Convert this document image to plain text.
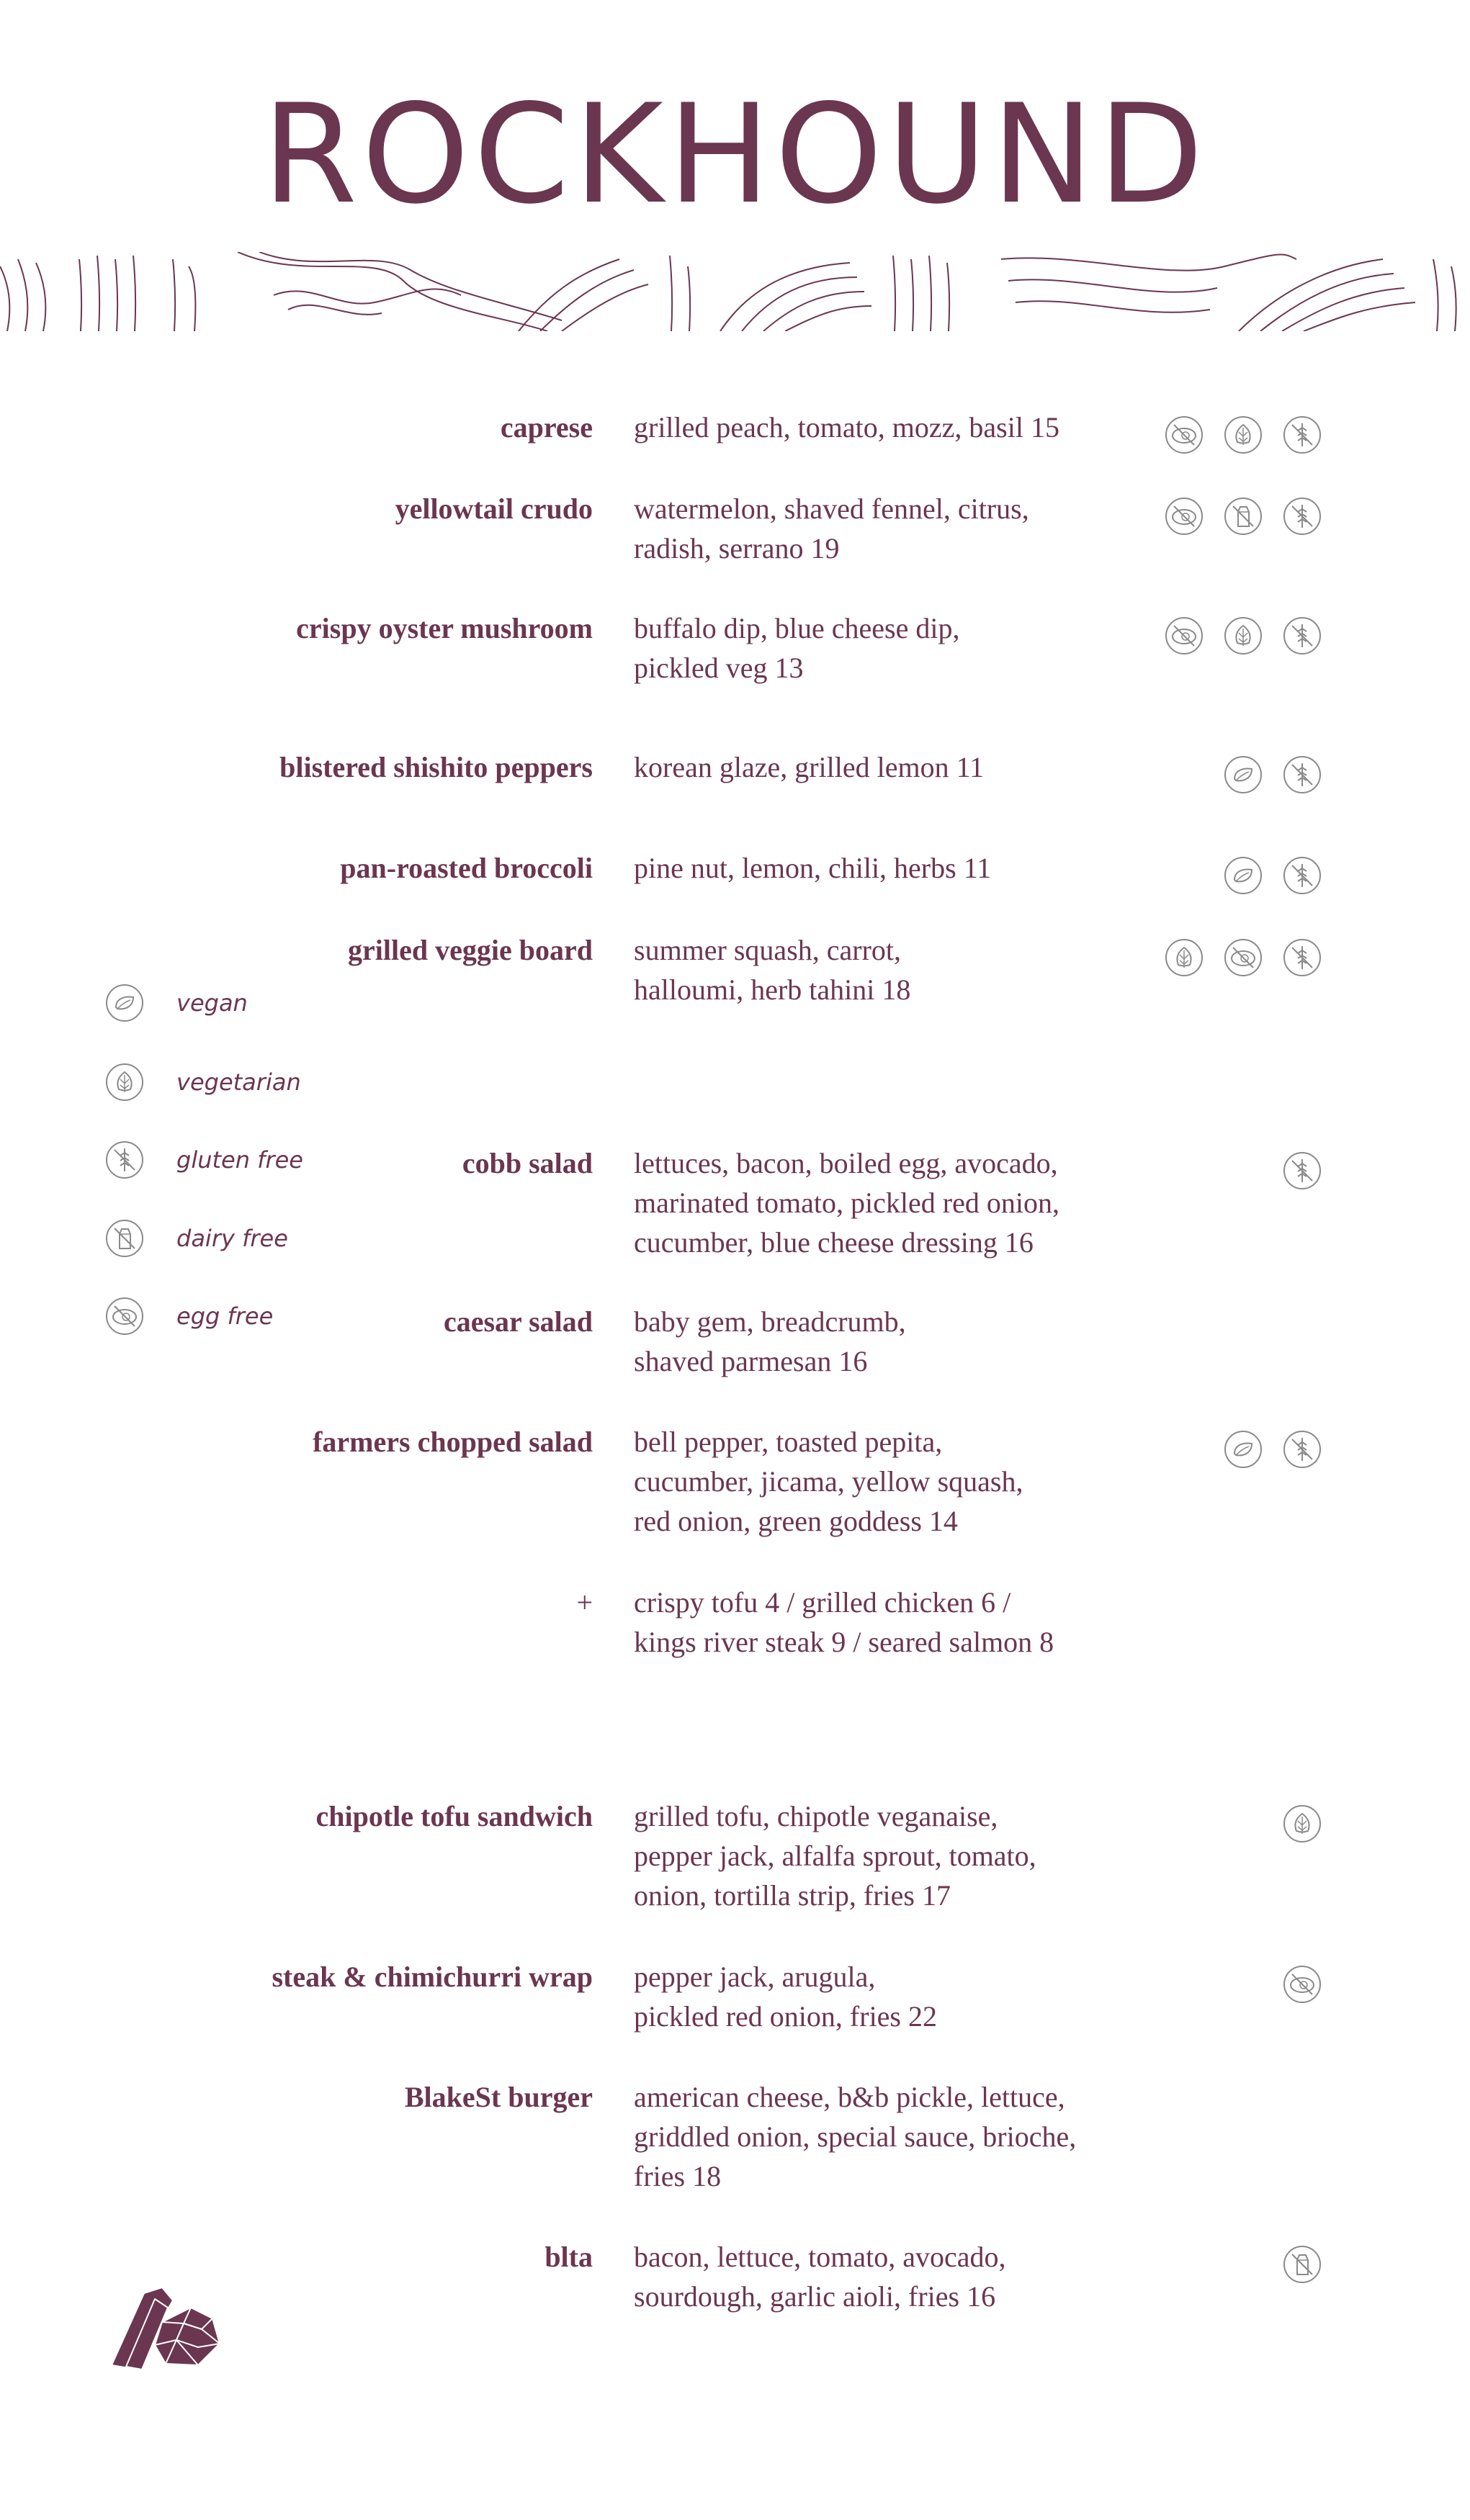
ROCKHOUND
caprese grilled peach, tomato, mozz, basil 15
yellowtail crudo watermelon, shaved fennel, citrus,
radish, serrano 19
crispy oyster mushroom buffalo dip, blue cheese dip,
pickled veg 13
blistered shishito peppers korean glaze, grilled lemon 11
pan-roasted broccoli pine nut, lemon, chili, herbs 11
grilled veggie board summer squash, carrot,
halloumi, herb tahini 18
cobb salad lettuces, bacon, boiled egg, avocado,
marinated tomato, pickled red onion,
cucumber, blue cheese dressing 16
caesar salad baby gem, breadcrumb,
shaved parmesan 16
farmers chopped salad bell pepper, toasted pepita,
cucumber, jicama, yellow squash,
red onion, green goddess 14
+ crispy tofu 4 / grilled chicken 6 /
kings river steak 9 / seared salmon 8
chipotle tofu sandwich grilled tofu, chipotle veganaise,
pepper jack, alfalfa sprout, tomato,
onion, tortilla strip, fries 17
steak & chimichurri wrap pepper jack, arugula,
pickled red onion, fries 22
BlakeSt burger american cheese, b&b pickle, lettuce,
griddled onion, special sauce, brioche,
fries 18
blta bacon, lettuce, tomato, avocado,
sourdough, garlic aioli, fries 16
vegan
vegetarian
gluten free
dairy free
egg free
